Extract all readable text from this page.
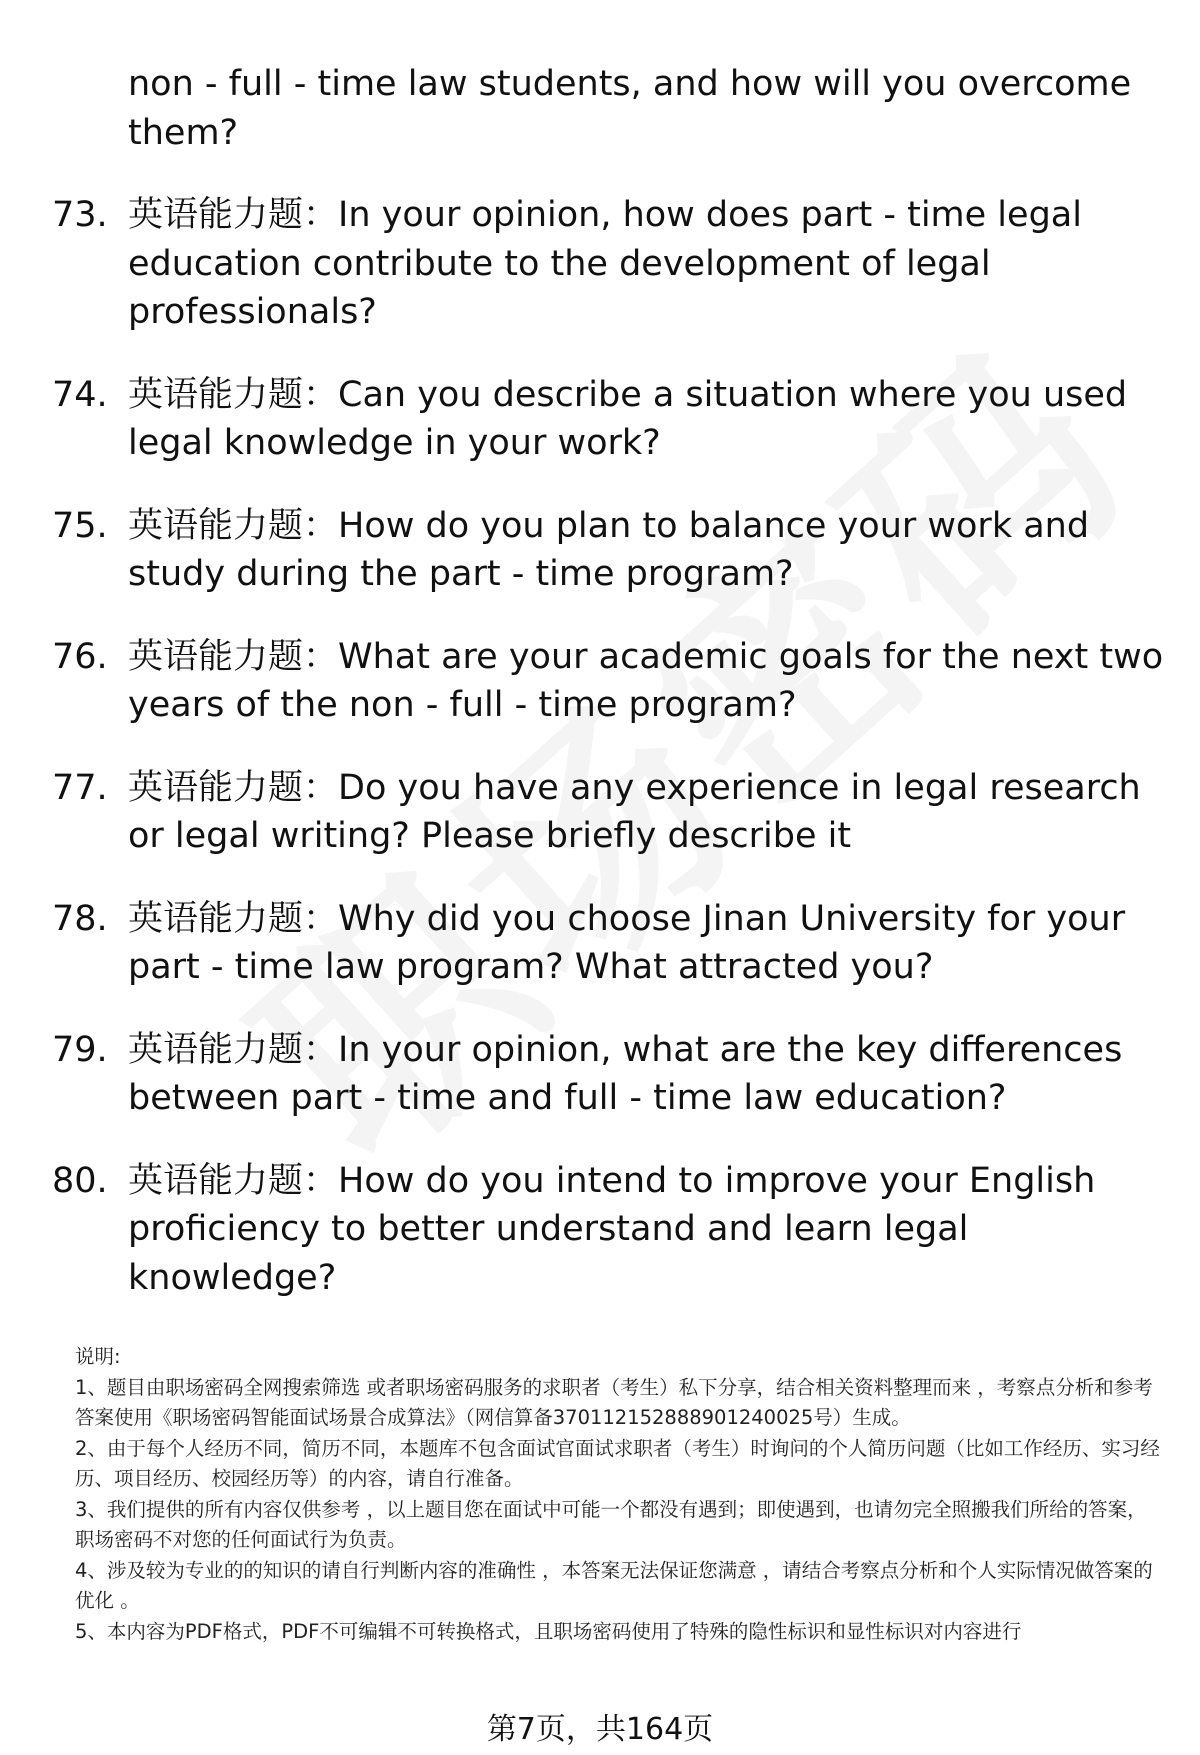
non - full - time law students, and how will you overcome them?
73. 英语能力题：In your opinion, how does part - time legal education contribute to the development of legal professionals?
74. 英语能力题：Can you describe a situation where you used legal knowledge in your work?
75. 英语能力题：How do you plan to balance your work and study during the part - time program?
76. 英语能力题：What are your academic goals for the next two years of the non - full - time program?
77. 英语能力题：Do you have any experience in legal research or legal writing? Please briefly describe it
78. 英语能力题：Why did you choose Jinan University for your part - time law program? What attracted you?
79. 英语能力题：In your opinion, what are the key differences between part - time and full - time law education?
80. 英语能力题：How do you intend to improve your English proficiency to better understand and learn legal knowledge?

说明:

1、题目由职场密码全网搜索筛选 或者职场密码服务的求职者（考生）私下分享，结合相关资料整理而来 ，考察点分析和参考答案使用《职场密码智能面试场景合成算法》（网信算备370112152888901240025号）生成。

2、由于每个人经历不同，简历不同，本题库不包含面试官面试求职者（考生）时询问的个人简历问题（比如工作经历、实习经历、项目经历、校园经历等）的内容，请自行准备。

3、我们提供的所有内容仅供参考 ，以上题目您在面试中可能一个都没有遇到；即使遇到，也请勿完全照搬我们所给的答案，职场密码不对您的任何面试行为负责。

4、涉及较为专业的的知识的请自行判断内容的准确性 ，本答案无法保证您满意 ，请结合考察点分析和个人实际情况做答案的优化 。

5、本内容为PDF格式，PDF不可编辑不可转换格式，且职场密码使用了特殊的隐性标识和显性标识对内容进行

第7页，共164页
